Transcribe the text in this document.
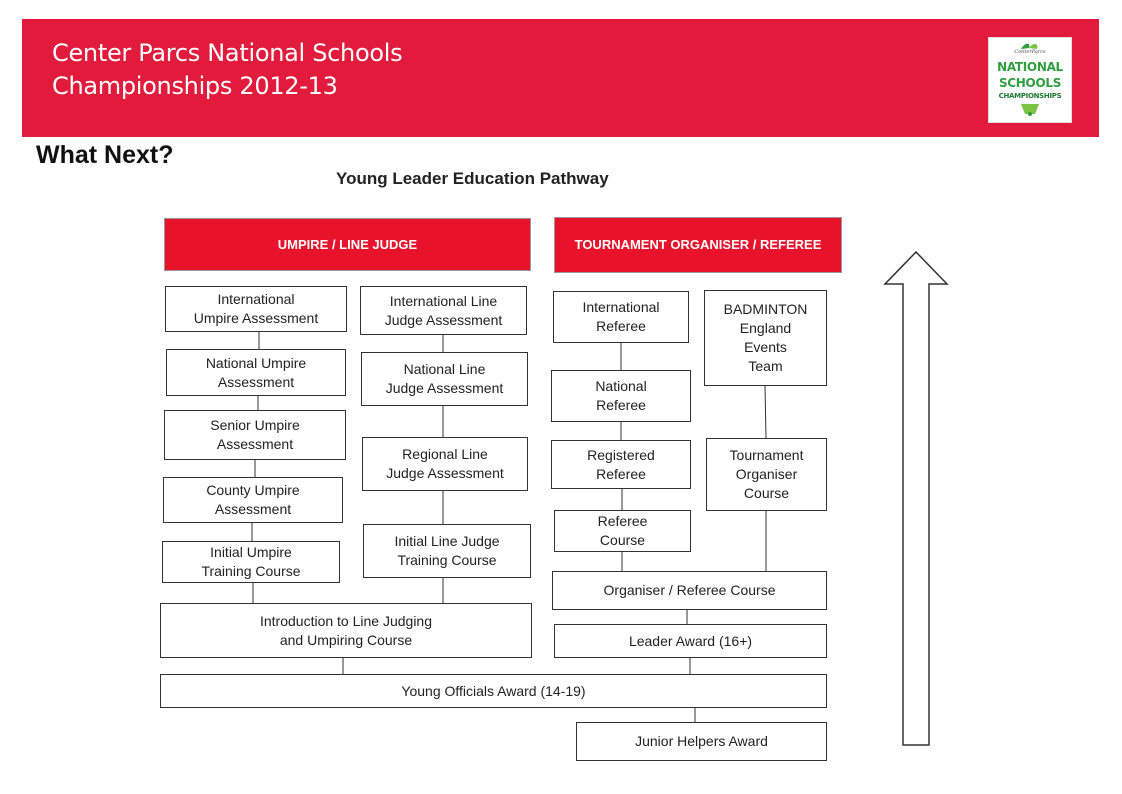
Center Parcs National Schools
Championships 2012-13
CenterParcs
NATIONAL
SCHOOLS
CHAMPIONSHIPS
What Next?
Young Leader Education Pathway
UMPIRE / LINE JUDGE	TOURNAMENT ORGANISER / REFEREE
International
Umpire Assessment
National Umpire
Assessment
Senior Umpire
Assessment
County Umpire
Assessment
Initial Umpire
Training Course
International Line
Judge Assessment
National Line
Judge Assessment
Regional Line
Judge Assessment
Initial Line Judge
Training Course
Introduction to Line Judging
and Umpiring Course
International
Referee
National
Referee
Registered
Referee
Referee
Course
BADMINTON
England
Events
Team
Tournament
Organiser
Course
Organiser / Referee Course
Leader Award (16+)
Young Officials Award (14-19)
Junior Helpers Award
